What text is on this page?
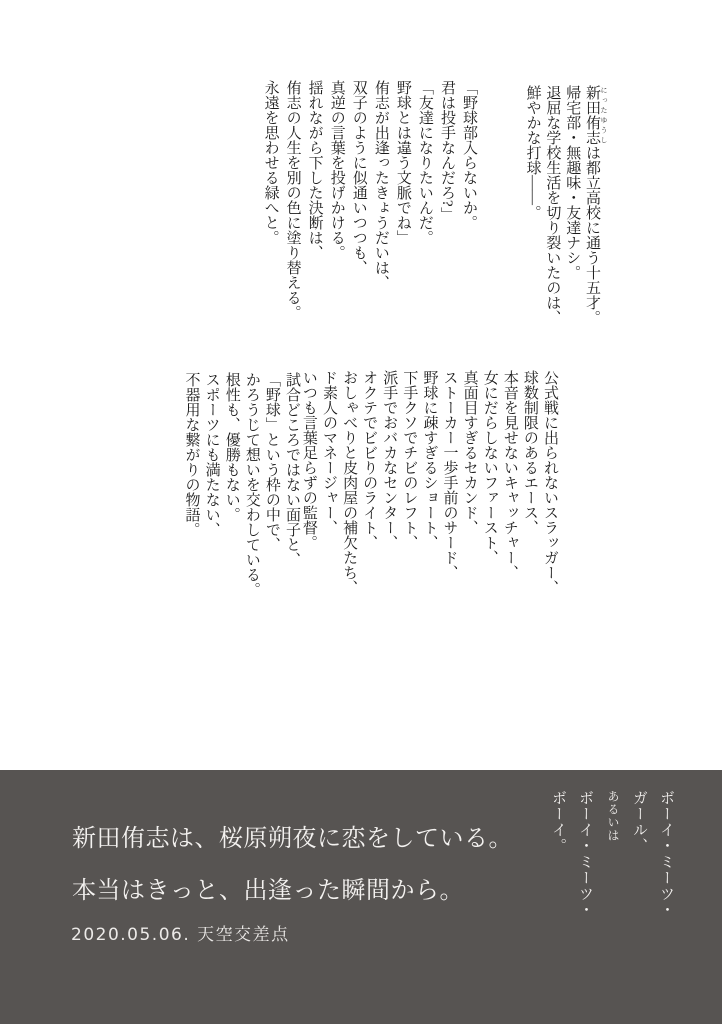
新田 にった侑志 ゆうしは都立高校に通う十五才。

帰宅部・無趣味・友達ナシ。

退屈な学校生活を切り裂いたのは、

鮮やかな打球――。

「野球部入らないか。

君は投手なんだろ?」

「友達になりたいんだ。

野球とは違う文脈でね」

侑志が出逢ったきょうだいは、

双子のように似通いつつも、

真逆の言葉を投げかける。

揺れながら下した決断は、

侑志の人生を別の色に塗り替える。

永遠を思わせる緑へと。

公式戦に出られないスラッガー、

球数制限のあるエース、

本音を見せないキャッチャー、

女にだらしないファースト、

真面目すぎるセカンド、

ストーカー一歩手前のサード、

野球に疎すぎるショート、

下手クソでチビのレフト、

派手でおバカなセンター、

オクテでビビりのライト、

おしゃべりと皮肉屋の補欠たち、

ド素人のマネージャー、

いつも言葉足らずの監督。

試合どころではない面子と、

「野球」という枠の中で、

かろうじて想いを交わしている。

根性も、優勝もない。

スポーツにも満たない、

不器用な繋がりの物語。

ボーイ・ミーツ・

ガール、

あるいは

ボーイ・ミーツ・

ボーイ。

新田侑志は、桜原朔夜に恋をしている。

本当はきっと、出逢った瞬間から。

2020.05.06. 天空交差点
